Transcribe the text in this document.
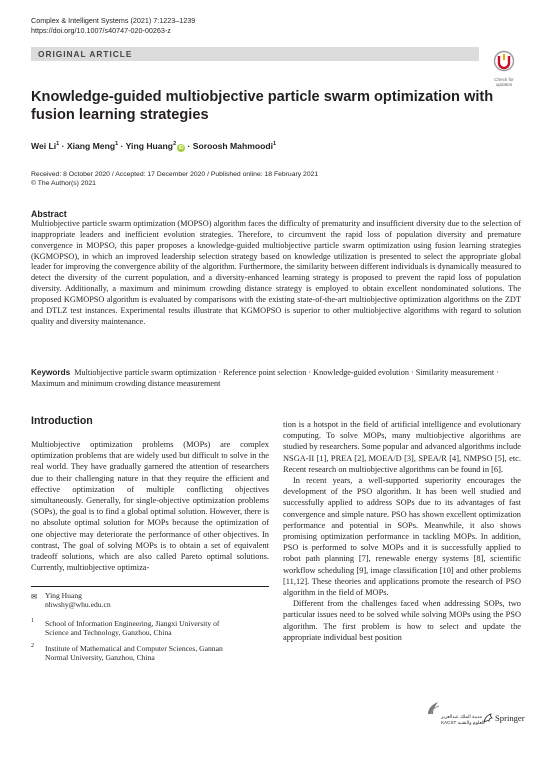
Complex & Intelligent Systems (2021) 7:1223–1239
https://doi.org/10.1007/s40747-020-00263-z
ORIGINAL ARTICLE
Check for
updates
Knowledge-guided multiobjective particle swarm optimization with fusion learning strategies
Wei $Li^1$ · Xiang Meng$^1$ · Ying Huang$^2$iD · Soroosh Mahmoodi$^1$
Received: 8 October 2020 / Accepted: 17 December 2020 / Published online: 18 February 2021
© The Author(s) 2021
Abstract
Multiobjective particle swarm optimization (MOPSO) algorithm faces the difficulty of prematurity and insufficient diversity due to the selection of inappropriate leaders and inefficient evolution strategies. Therefore, to circumvent the rapid loss of population diversity and premature convergence in MOPSO, this paper proposes a knowledge-guided multiobjective particle swarm optimization using fusion learning strategies (KGMOPSO), in which an improved leadership selection strategy based on knowledge utilization is presented to select the appropriate global leader for improving the convergence ability of the algorithm. Furthermore, the similarity between different individuals is dynamically measured to detect the diversity of the current population, and a diversity-enhanced learning strategy is proposed to prevent the rapid loss of population diversity. Additionally, a maximum and minimum crowding distance strategy is employed to obtain excellent nondominated solutions. The proposed KGMOPSO algorithm is evaluated by comparisons with the existing state-of-the-art multiobjective optimization algorithms on the ZDT and DTLZ test instances. Experimental results illustrate that KGMOPSO is superior to other multiobjective algorithms with regard to solution quality and diversity maintenance.
Keywords Multiobjective particle swarm optimization · Reference point selection · Knowledge-guided evolution · Similarity measurement · Maximum and minimum crowding distance measurement
Introduction

Multiobjective optimization problems (MOPs) are complex optimization problems that are widely used but difficult to solve in the real world. They have gradually garnered the attention of researchers due to their challenging nature in that they require the efficient and effective optimization of multiple conflicting objectives simultaneously. Generally, for single-objective optimization problems (SOPs), the goal is to find a global optimal solution. However, there is no absolute optimal solution for MOPs because the optimization of one objective may deteriorate the performance of other objectives. In contrast, The goal of solving MOPs is to obtain a set of equivalent tradeoff solutions, which are also called Pareto optimal solutions. Currently, multiobjective optimiza-

tion is a hotspot in the field of artificial intelligence and evolutionary computing. To solve MOPs, many multiobjective algorithms are studied by researchers. Some popular and advanced algorithms include NSGA-II [1], PREA [2], MOEA/D [3], SPEA/R [4], NMPSO [5], etc. Recent research on multiobjective algorithms can be found in [6].

In recent years, a well-supported superiority encourages the development of the PSO algorithm. It has been well studied and successfully applied to address SOPs due to its advantages of fast convergence and simple nature. PSO has shown excellent optimization performance and potential in SOPs. Meanwhile, it also shows promising optimization performance in tackling MOPs. In addition, PSO is performed to solve MOPs and it is successfully applied to robot path planning [7], renewable energy systems [8], scientific workflow scheduling [9], image classification [10] and other problems [11,12]. These theories and applications promote the research of PSO algorithm in the field of MOPs.

Different from the challenges faced when addressing SOPs, two particular issues need to be solved while solving MOPs using the PSO algorithm. The first problem is how to select and update the appropriate individual best position

✉	Ying Huang
nhwshy@whu.edu.cn
1	School of Information Engineering, Jiangxi University of
Science and Technology, Ganzhou, China
2	Institute of Mathematical and Computer Sciences, Gannan
Normal University, Ganzhou, China
مدينة الملك عبدالعزيز
للعلوم والتقنية KACST	Springer
